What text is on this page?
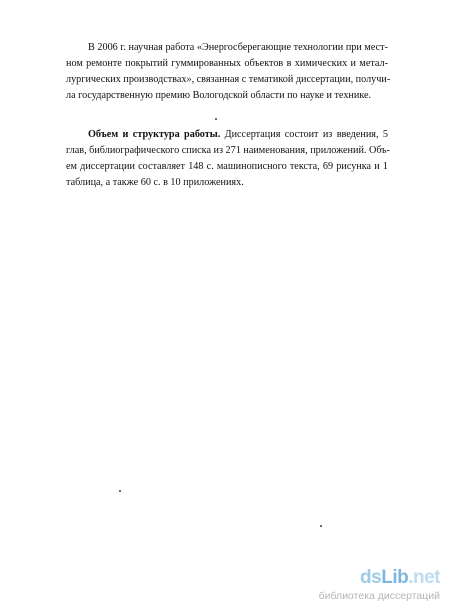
В 2006 г. научная работа «Энергосберегающие технологии при мест-
ном ремонте покрытий гуммированных объектов в химических и метал-
лургических производствах», связанная с тематикой диссертации, получи-
ла государственную премию Вологодской области по науке и технике.
Объем и структура работы. Диссертация состоит из введения, 5
глав, библиографического списка из 271 наименования, приложений. Объ-
ем диссертации составляет 148 с. машинописного текста, 69 рисунка и 1
таблица, а также 60 с. в 10 приложениях.
dsLib.net
библиотека диссертаций
